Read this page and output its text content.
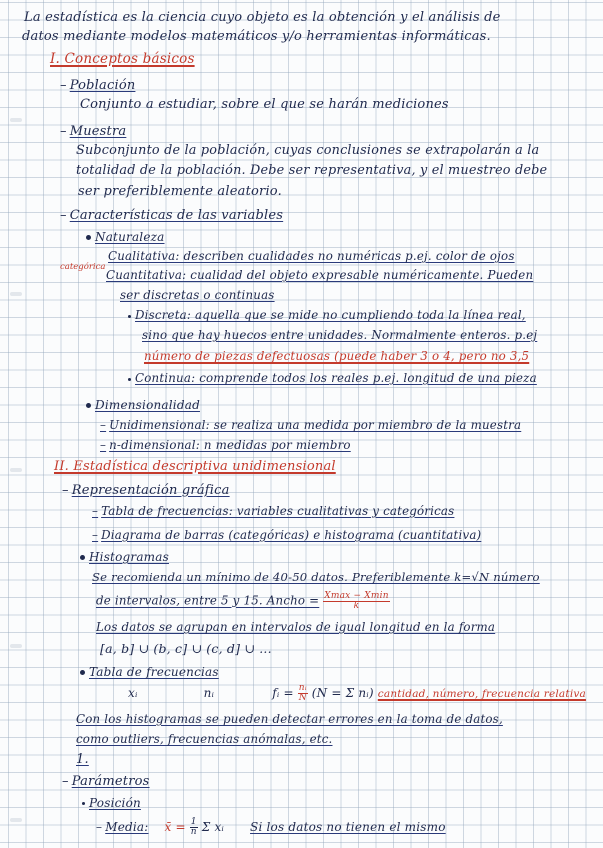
La estadística es la ciencia cuyo objeto es la obtención y el análisis de
datos mediante modelos matemáticos y/o herramientas informáticas.
I. Conceptos básicos
– Población
Conjunto a estudiar, sobre el que se harán mediciones
– Muestra
Subconjunto de la población, cuyas conclusiones se extrapolarán a la
totalidad de la población. Debe ser representativa, y el muestreo debe
ser preferiblemente aleatorio.
– Características de las variables
Naturaleza
categórica
Cualitativa: describen cualidades no numéricas p.ej. color de ojos
Cuantitativa: cualidad del objeto expresable numéricamente. Pueden
ser discretas o continuas
Discreta: aquella que se mide no cumpliendo toda la línea real,
sino que hay huecos entre unidades. Normalmente enteros. p.ej
número de piezas defectuosas (puede haber 3 o 4, pero no 3,5
Continua: comprende todos los reales p.ej. longitud de una pieza
Dimensionalidad
– Unidimensional: se realiza una medida por miembro de la muestra
– n-dimensional: n medidas por miembro
II. Estadística descriptiva unidimensional
– Representación gráfica
– Tabla de frecuencias: variables cualitativas y categóricas
– Diagrama de barras (categóricas) e histograma (cuantitativa)
Histogramas
Se recomienda un mínimo de 40-50 datos. Preferiblemente k=√N número
de intervalos, entre 5 y 15. Ancho = $\frac{Xmax - Xmin}{k}$
Los datos se agrupan en intervalos de igual longitud en la forma
[a, b] ∪ (b, c] ∪ (c, d] ∪ ...
Tabla de frecuencias
xᵢ	nᵢ	fᵢ = $\frac{\text{nᵢ}}{N} (N = \Sigma$ nᵢ) cantidad, número, frecuencia relativa
Con los histogramas se pueden detectar errores en la toma de datos,
como outliers, frecuencias anómalas, etc.
1.
– Parámetros
Posición
– Media: x̄ = $\frac{1}{n}$ Σ xᵢ Si los datos no tienen el mismo
